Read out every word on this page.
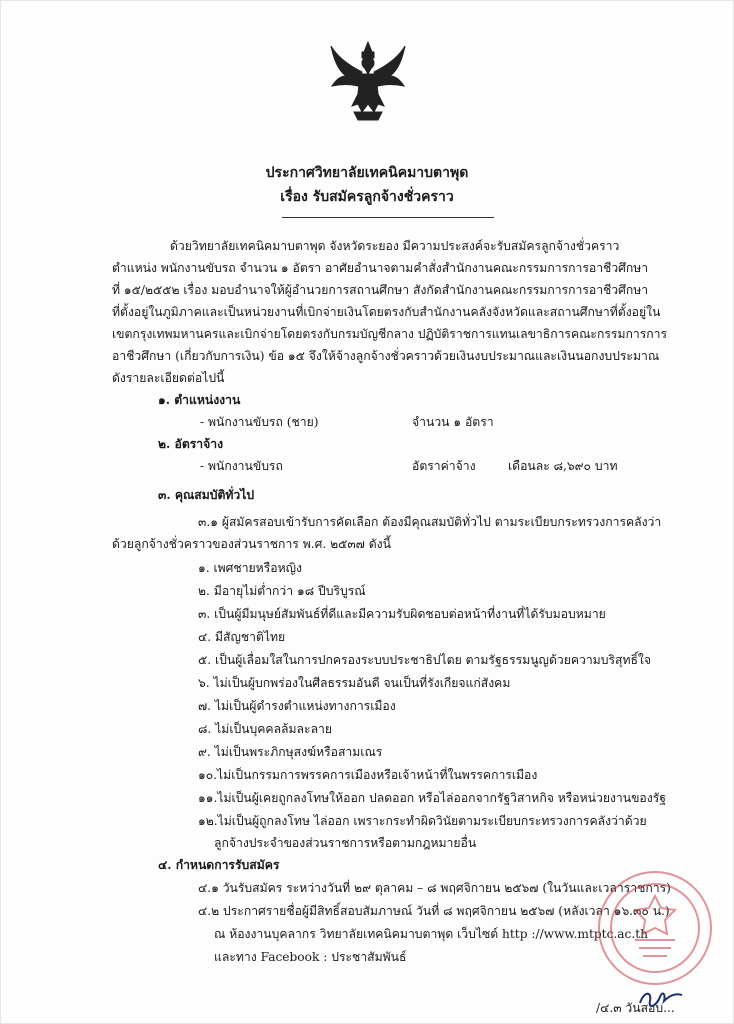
ประกาศวิทยาลัยเทคนิคมาบตาพุด
เรื่อง รับสมัครลูกจ้างชั่วคราว
ด้วยวิทยาลัยเทคนิคมาบตาพุด จังหวัดระยอง มีความประสงค์จะรับสมัครลูกจ้างชั่วคราว
ตำแหน่ง พนักงานขับรถ จำนวน ๑ อัตรา อาศัยอำนาจตามคำสั่งสำนักงานคณะกรรมการการอาชีวศึกษา
ที่ ๑๕/๒๕๕๒ เรื่อง มอบอำนาจให้ผู้อำนวยการสถานศึกษา สังกัดสำนักงานคณะกรรมการการอาชีวศึกษา
ที่ตั้งอยู่ในภูมิภาคและเป็นหน่วยงานที่เบิกจ่ายเงินโดยตรงกับสำนักงานคลังจังหวัดและสถานศึกษาที่ตั้งอยู่ใน
เขตกรุงเทพมหานครและเบิกจ่ายโดยตรงกับกรมบัญชีกลาง ปฏิบัติราชการแทนเลขาธิการคณะกรรมการการ
อาชีวศึกษา (เกี่ยวกับการเงิน) ข้อ ๑๕ จึงให้จ้างลูกจ้างชั่วคราวด้วยเงินงบประมาณและเงินนอกงบประมาณ
ดังรายละเอียดต่อไปนี้
๑. ตำแหน่งงาน
- พนักงานขับรถ (ชาย)	จำนวน ๑ อัตรา
๒. อัตราจ้าง
- พนักงานขับรถ	อัตราค่าจ้าง	เดือนละ ๘,๖๙๐ บาท
๓. คุณสมบัติทั่วไป
๓.๑ ผู้สมัครสอบเข้ารับการคัดเลือก ต้องมีคุณสมบัติทั่วไป ตามระเบียบกระทรวงการคลังว่า
ด้วยลูกจ้างชั่วคราวของส่วนราชการ พ.ศ. ๒๕๓๗ ดังนี้
๑. เพศชายหรือหญิง
๒. มีอายุไม่ต่ำกว่า ๑๘ ปีบริบูรณ์
๓. เป็นผู้มีมนุษย์สัมพันธ์ที่ดีและมีความรับผิดชอบต่อหน้าที่งานที่ได้รับมอบหมาย
๔. มีสัญชาติไทย
๕. เป็นผู้เลื่อมใสในการปกครองระบบประชาธิปไตย ตามรัฐธรรมนูญด้วยความบริสุทธิ์ใจ
๖. ไม่เป็นผู้บกพร่องในศีลธรรมอันดี จนเป็นที่รังเกียจแก่สังคม
๗. ไม่เป็นผู้ดำรงตำแหน่งทางการเมือง
๘. ไม่เป็นบุคคลล้มละลาย
๙. ไม่เป็นพระภิกษุสงฆ์หรือสามเณร
๑๐.ไม่เป็นกรรมการพรรคการเมืองหรือเจ้าหน้าที่ในพรรคการเมือง
๑๑.ไม่เป็นผู้เคยถูกลงโทษให้ออก ปลดออก หรือไล่ออกจากรัฐวิสาหกิจ หรือหน่วยงานของรัฐ
๑๒.ไม่เป็นผู้ถูกลงโทษ ไล่ออก เพราะกระทำผิดวินัยตามระเบียบกระทรวงการคลังว่าด้วย
ลูกจ้างประจำของส่วนราชการหรือตามกฎหมายอื่น
๔. กำหนดการรับสมัคร
๔.๑ วันรับสมัคร ระหว่างวันที่ ๒๙ ตุลาคม – ๘ พฤศจิกายน ๒๕๖๗ (ในวันและเวลาราชการ)
๔.๒ ประกาศรายชื่อผู้มีสิทธิ์สอบสัมภาษณ์ วันที่ ๘ พฤศจิกายน ๒๕๖๗ (หลังเวลา ๑๖.๓๐ น.)
ณ ห้องงานบุคลากร วิทยาลัยเทคนิคมาบตาพุด เว็บไซต์ http ://www.mtptc.ac.th
และทาง Facebook : ประชาสัมพันธ์
/๔.๓ วันสอบ...
